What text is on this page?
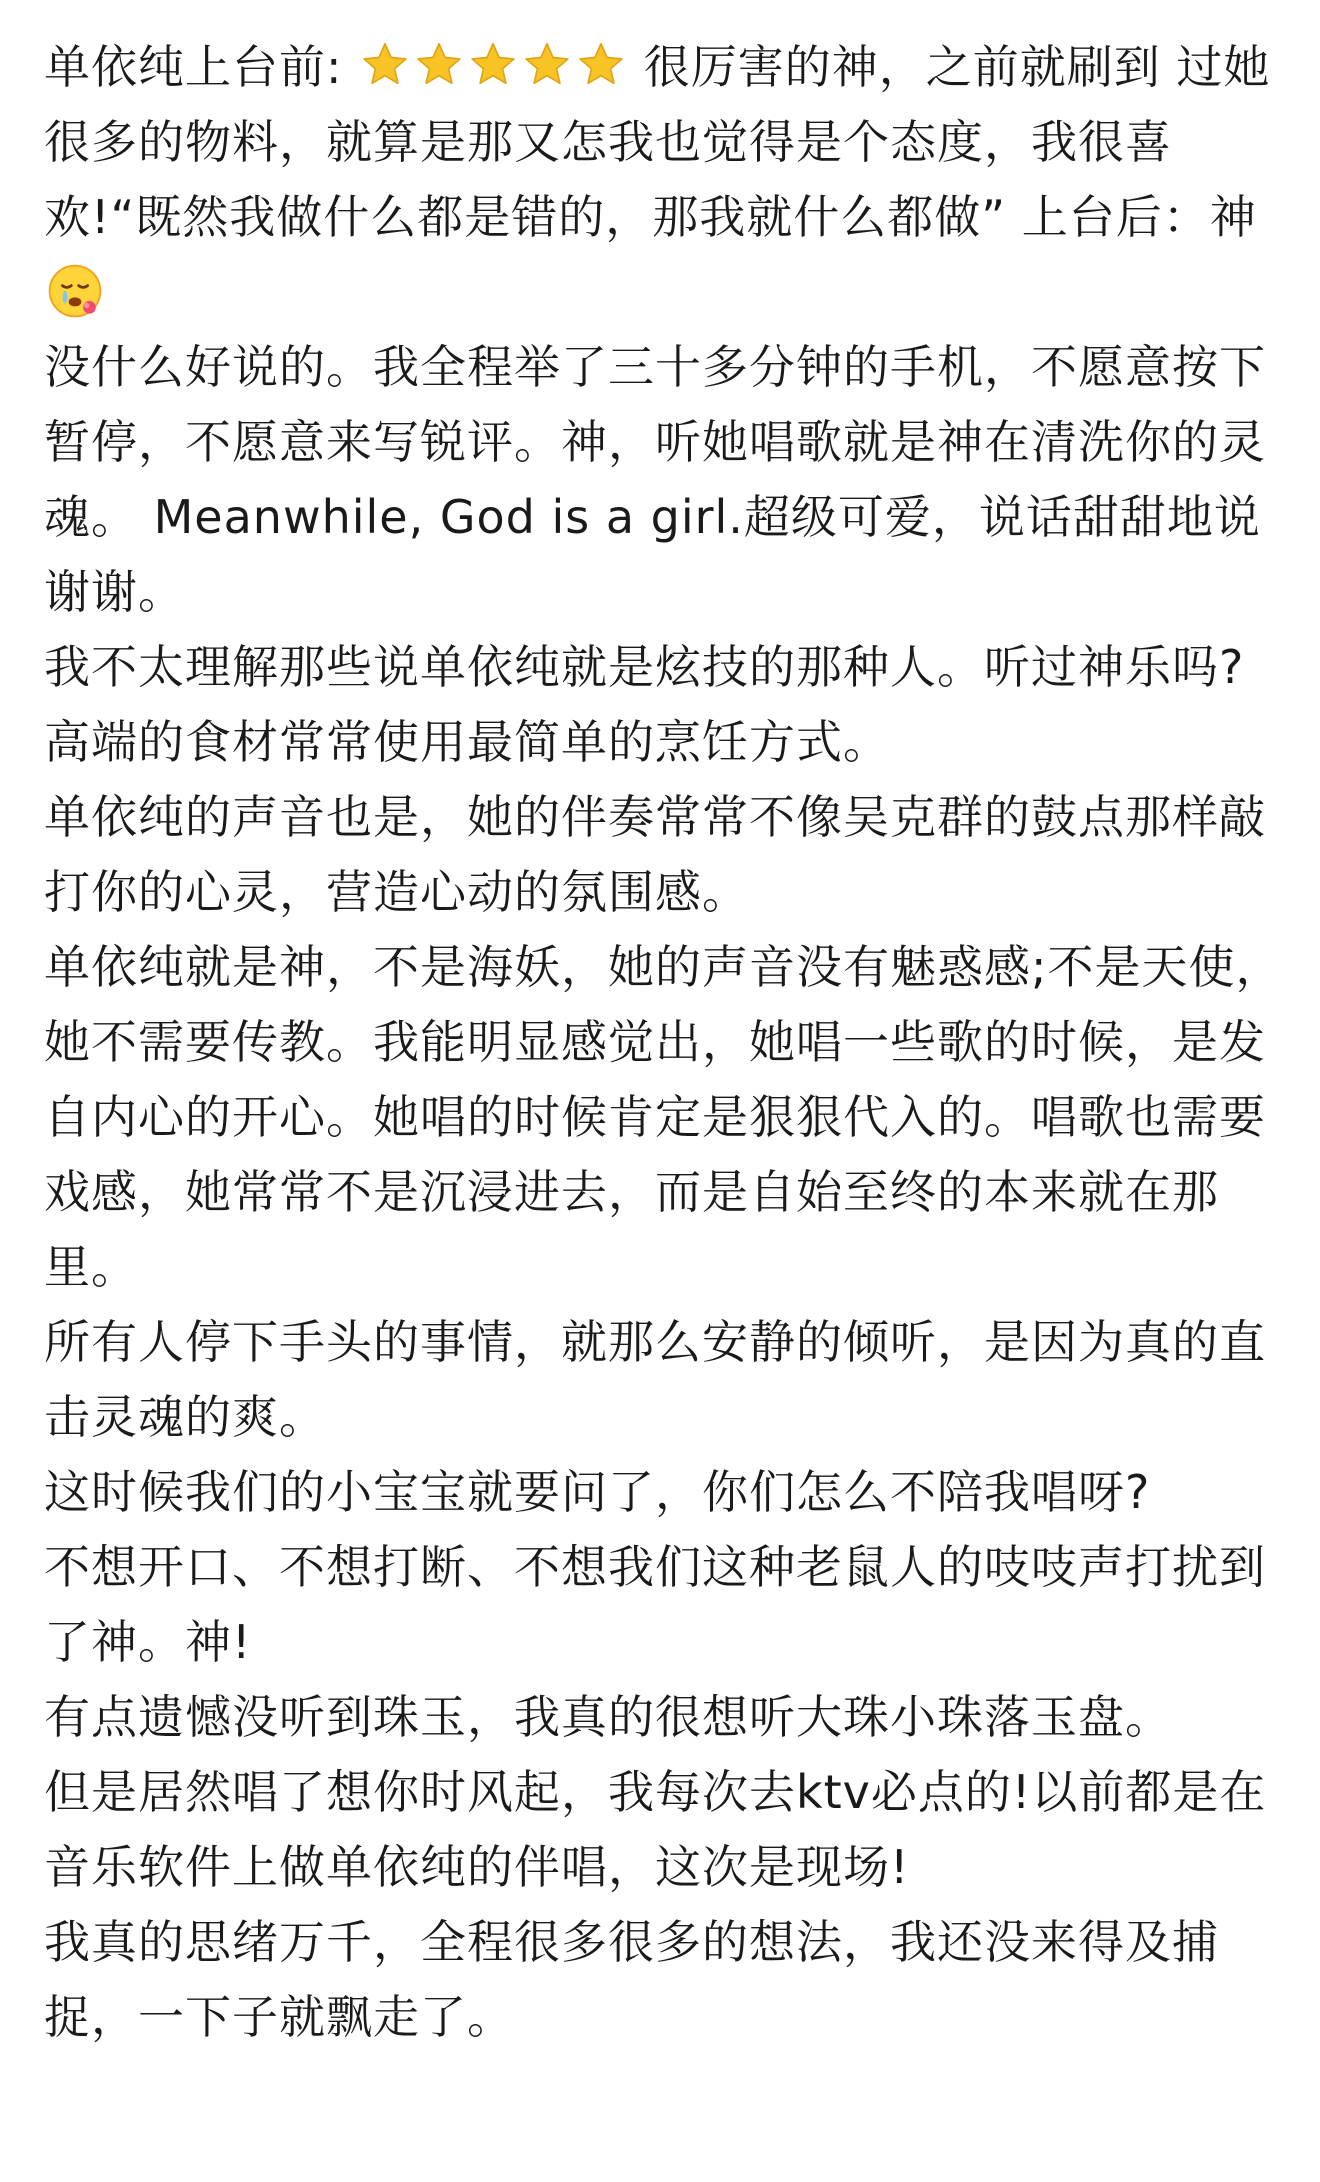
单依纯上台前:	很厉害的神，之前就刷到 过她很多的物料，就算是那又怎我也觉得是个态度，我很喜欢!“既然我做什么都是错的，那我就什么都做” 上台后：神

没什么好说的。我全程举了三十多分钟的手机，不愿意按下暂停，不愿意来写锐评。神，听她唱歌就是神在清洗你的灵魂。 Meanwhile, God is a girl.超级可爱，说话甜甜地说谢谢。

我不太理解那些说单依纯就是炫技的那种人。听过神乐吗?

高端的食材常常使用最简单的烹饪方式。

单依纯的声音也是，她的伴奏常常不像吴克群的鼓点那样敲打你的心灵，营造心动的氛围感。

单依纯就是神，不是海妖，她的声音没有魅惑感;不是天使，她不需要传教。我能明显感觉出，她唱一些歌的时候，是发自内心的开心。她唱的时候肯定是狠狠代入的。唱歌也需要戏感，她常常不是沉浸进去，而是自始至终的本来就在那里。

所有人停下手头的事情，就那么安静的倾听，是因为真的直击灵魂的爽。

这时候我们的小宝宝就要问了，你们怎么不陪我唱呀?

不想开口、不想打断、不想我们这种老鼠人的吱吱声打扰到了神。神!

有点遗憾没听到珠玉，我真的很想听大珠小珠落玉盘。

但是居然唱了想你时风起，我每次去ktv必点的!以前都是在音乐软件上做单依纯的伴唱，这次是现场!

我真的思绪万千，全程很多很多的想法，我还没来得及捕捉，一下子就飘走了。
